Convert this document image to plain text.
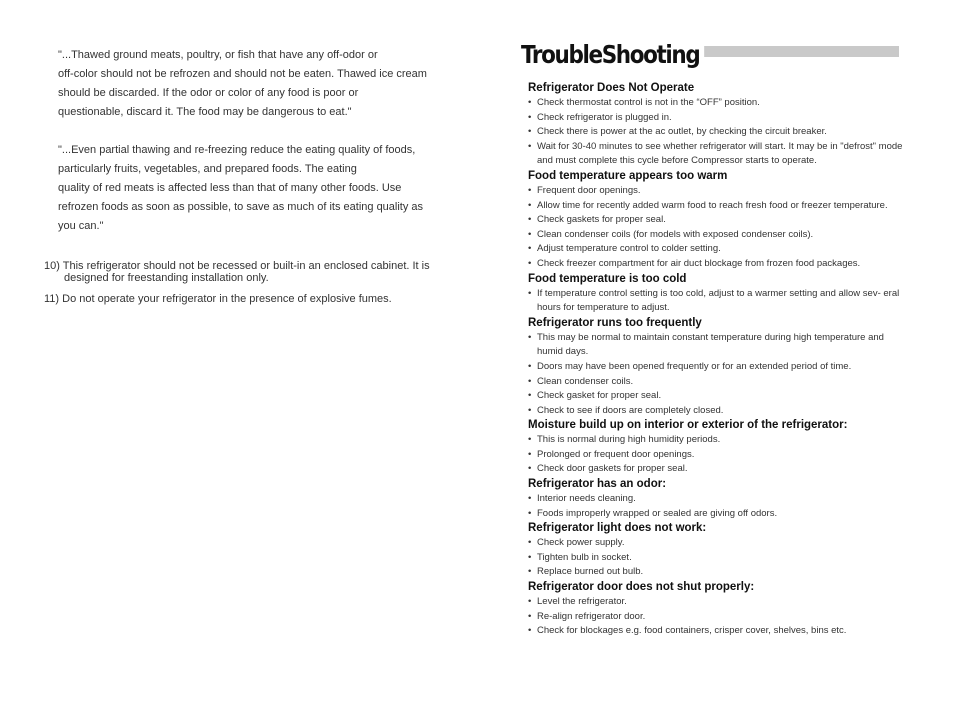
"...Thawed ground meats, poultry, or fish that have any off-odor or

off-color should not be refrozen and should not be eaten. Thawed ice cream

should be discarded. If the odor or color of any food is poor or

questionable, discard it. The food may be dangerous to eat."

"...Even partial thawing and re-freezing reduce the eating quality of foods,

particularly fruits, vegetables, and prepared foods. The eating

quality of red meats is affected less than that of many other foods. Use

refrozen foods as soon as possible, to save as much of its eating quality as

you can."

10) This refrigerator should not be recessed or built-in an enclosed cabinet. It is
designed for freestanding installation only.
11) Do not operate your refrigerator in the presence of explosive fumes.
TroubleShooting
Refrigerator Does Not Operate
• Check thermostat control is not in the “OFF” position.
• Check refrigerator is plugged in.
• Check there is power at the ac outlet, by checking the circuit breaker.
• Wait for 30-40 minutes to see whether refrigerator will start. It may be in "defrost" mode and must complete this cycle before Compressor starts to operate.
Food temperature appears too warm
• Frequent door openings.
• Allow time for recently added warm food to reach fresh food or freezer temperature.
• Check gaskets for proper seal.
• Clean condenser coils (for models with exposed condenser coils).
• Adjust temperature control to colder setting.
• Check freezer compartment for air duct blockage from frozen food packages.
Food temperature is too cold
• If temperature control setting is too cold, adjust to a warmer setting and allow sev- eral hours for temperature to adjust.
Refrigerator runs too frequently
• This may be normal to maintain constant temperature during high temperature and humid days.
• Doors may have been opened frequently or for an extended period of time.
• Clean condenser coils.
• Check gasket for proper seal.
• Check to see if doors are completely closed.
Moisture build up on interior or exterior of the refrigerator:
• This is normal during high humidity periods.
• Prolonged or frequent door openings.
• Check door gaskets for proper seal.
Refrigerator has an odor:
• Interior needs cleaning.
• Foods improperly wrapped or sealed are giving off odors.
Refrigerator light does not work:
• Check power supply.
• Tighten bulb in socket.
• Replace burned out bulb.
Refrigerator door does not shut properly:
• Level the refrigerator.
• Re-align refrigerator door.
• Check for blockages e.g. food containers, crisper cover, shelves, bins etc.
